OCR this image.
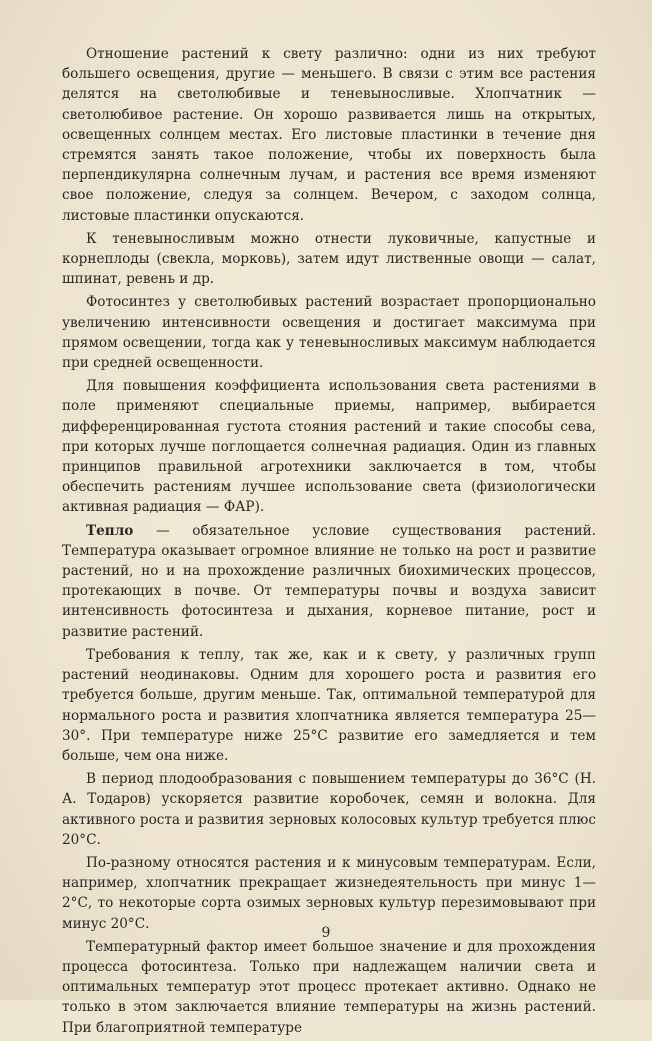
Отношение растений к свету различно: одни из них требуют большего освещения, другие — меньшего. В связи с этим все растения делятся на светолюбивые и теневыносливые. Хлопчатник — светолюбивое растение. Он хорошо развивается лишь на открытых, освещенных солнцем местах. Его листовые пластинки в течение дня стремятся занять такое положение, чтобы их поверхность была перпендикулярна солнечным лучам, и растения все время изменяют свое положение, следуя за солнцем. Вечером, с заходом солнца, листовые пластинки опускаются.

К теневыносливым можно отнести луковичные, капустные и корнеплоды (свекла, морковь), затем идут лиственные овощи — салат, шпинат, ревень и др.

Фотосинтез у светолюбивых растений возрастает пропорционально увеличению интенсивности освещения и достигает максимума при прямом освещении, тогда как у теневыносливых максимум наблюдается при средней освещенности.

Для повышения коэффициента использования света растениями в поле применяют специальные приемы, например, выбирается дифференцированная густота стояния растений и такие способы сева, при которых лучше поглощается солнечная радиация. Один из главных принципов правильной агротехники заключается в том, чтобы обеспечить растениям лучшее использование света (физиологически активная радиация — ФАР).

Тепло — обязательное условие существования растений. Температура оказывает огромное влияние не только на рост и развитие растений, но и на прохождение различных биохимических процессов, протекающих в почве. От температуры почвы и воздуха зависит интенсивность фотосинтеза и дыхания, корневое питание, рост и развитие растений.

Требования к теплу, так же, как и к свету, у различных групп растений неодинаковы. Одним для хорошего роста и развития его требуется больше, другим меньше. Так, оптимальной температурой для нормального роста и развития хлопчатника является температура 25—30°. При температуре ниже 25°С развитие его замедляется и тем больше, чем она ниже.

В период плодообразования с повышением температуры до 36°С (Н. А. Тодаров) ускоряется развитие коробочек, семян и волокна. Для активного роста и развития зерновых колосовых культур требуется плюс 20°С.

По-разному относятся растения и к минусовым температурам. Если, например, хлопчатник прекращает жизнедеятельность при минус 1—2°С, то некоторые сорта озимых зерновых культур перезимовывают при минус 20°С.

Температурный фактор имеет большое значение и для прохождения процесса фотосинтеза. Только при надлежащем наличии света и оптимальных температур этот процесс протекает активно. Однако не только в этом заключается влияние температуры на жизнь растений. При благоприятной температуре

9
